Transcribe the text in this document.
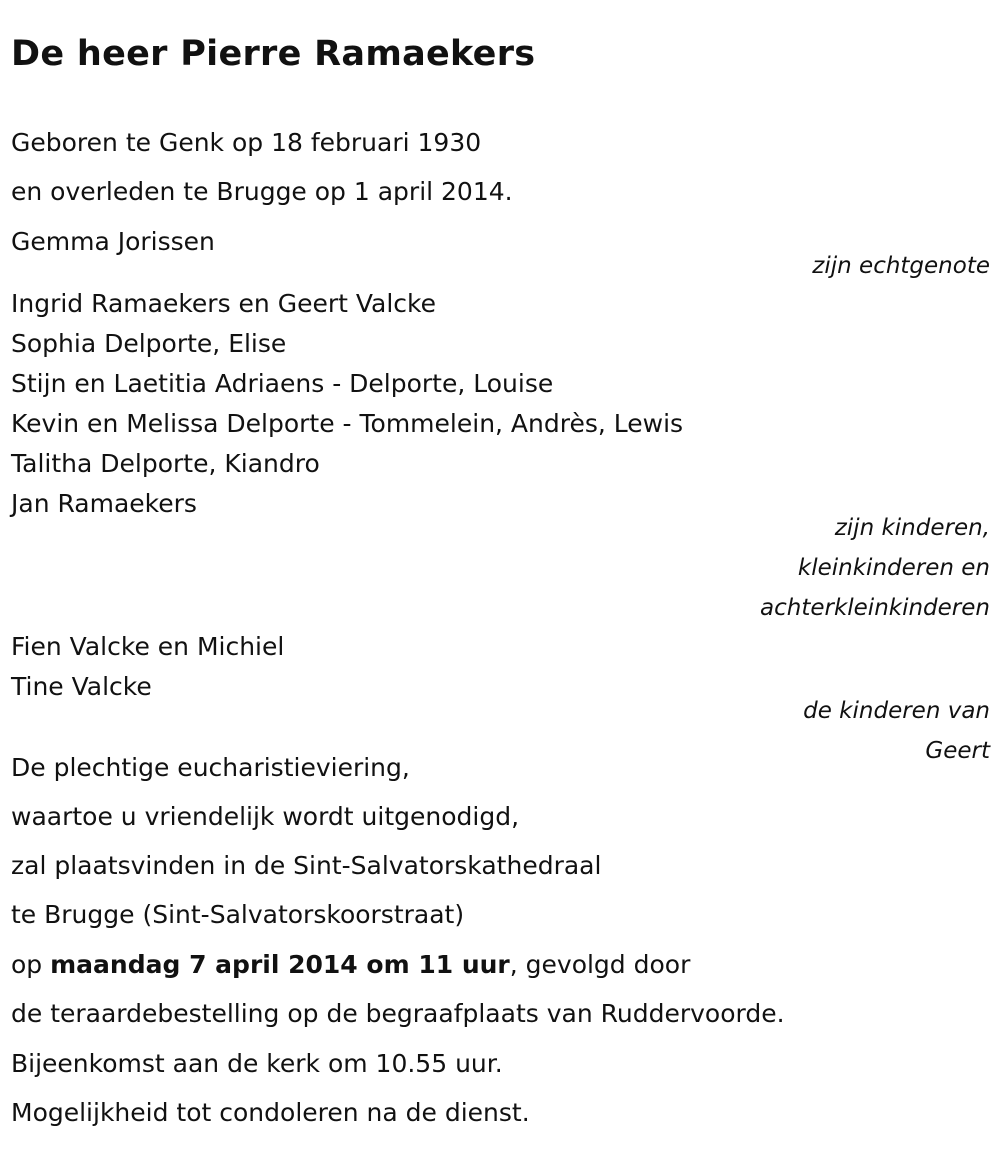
De heer Pierre Ramaekers

Geboren te Genk op 18 februari 1930

en overleden te Brugge op 1 april 2014.

Gemma Jorissen

zijn echtgenote

Ingrid Ramaekers en Geert Valcke

Sophia Delporte, Elise

Stijn en Laetitia Adriaens - Delporte, Louise

Kevin en Melissa Delporte - Tommelein, Andrès, Lewis

Talitha Delporte, Kiandro

Jan Ramaekers

zijn kinderen,

kleinkinderen en

achterkleinkinderen

Fien Valcke en Michiel

Tine Valcke

de kinderen van

Geert

De plechtige eucharistieviering,

waartoe u vriendelijk wordt uitgenodigd,

zal plaatsvinden in de Sint-Salvatorskathedraal

te Brugge (Sint-Salvatorskoorstraat)

op maandag 7 april 2014 om 11 uur, gevolgd door

de teraardebestelling op de begraafplaats van Ruddervoorde.

Bijeenkomst aan de kerk om 10.55 uur.

Mogelijkheid tot condoleren na de dienst.
